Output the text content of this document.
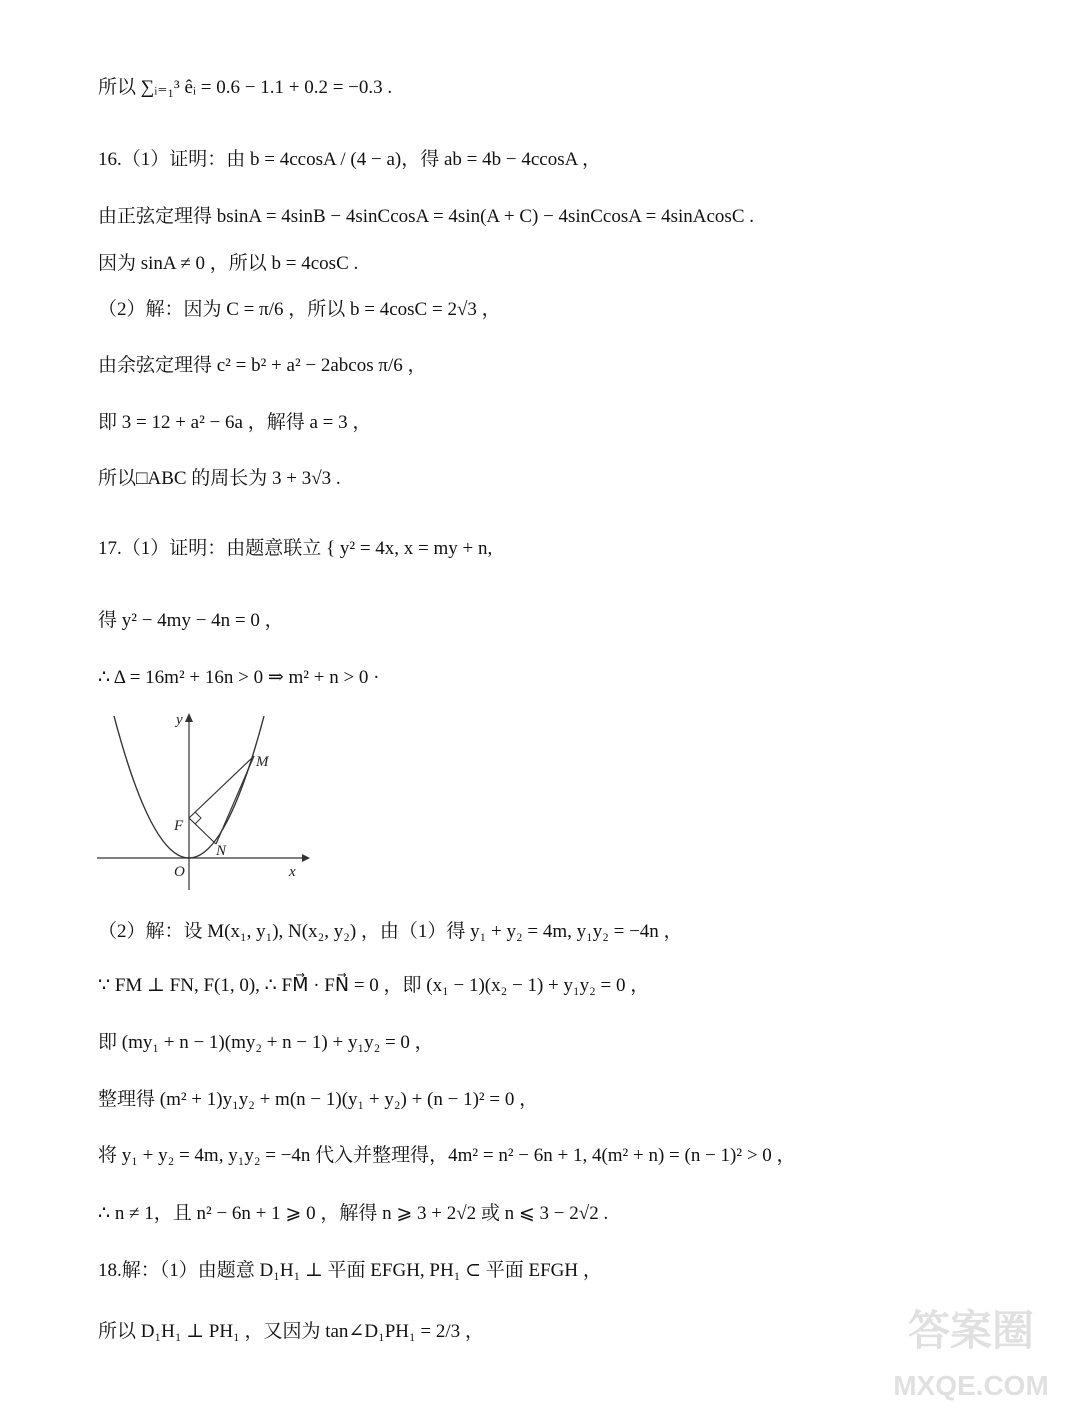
所以 ∑ᵢ₌₁³ êᵢ = 0.6 − 1.1 + 0.2 = −0.3 .
16.（1）证明：由 b = 4ccosA / (4 − a)，得 ab = 4b − 4ccosA ，
由正弦定理得 bsinA = 4sinB − 4sinCcosA = 4sin(A + C) − 4sinCcosA = 4sinAcosC .
因为 sinA ≠ 0 ，所以 b = 4cosC .
（2）解：因为 C = π/6 ，所以 b = 4cosC = 2√3 ，
由余弦定理得 c² = b² + a² − 2abcos π/6 ，
即 3 = 12 + a² − 6a ，解得 a = 3 ，
所以□ABC 的周长为 3 + 3√3 .
17.（1）证明：由题意联立 { y² = 4x, x = my + n,
得 y² − 4my − 4n = 0 ，
∴ Δ = 16m² + 16n > 0 ⇒ m² + n > 0 ·
（2）解：设 M(x₁, y₁), N(x₂, y₂) ，由（1）得 y₁ + y₂ = 4m, y₁y₂ = −4n ，
∵ FM ⊥ FN, F(1, 0), ∴ FM⃗ · FN⃗ = 0 ，即 (x₁ − 1)(x₂ − 1) + y₁y₂ = 0 ，
即 (my₁ + n − 1)(my₂ + n − 1) + y₁y₂ = 0 ，
整理得 (m² + 1)y₁y₂ + m(n − 1)(y₁ + y₂) + (n − 1)² = 0 ，
将 y₁ + y₂ = 4m, y₁y₂ = −4n 代入并整理得，4m² = n² − 6n + 1, 4(m² + n) = (n − 1)² > 0 ，
∴ n ≠ 1，且 n² − 6n + 1 ⩾ 0 ，解得 n ⩾ 3 + 2√2 或 n ⩽ 3 − 2√2 .
18.解：（1）由题意 D₁H₁ ⊥ 平面 EFGH, PH₁ ⊂ 平面 EFGH ，
所以 D₁H₁ ⊥ PH₁ ，又因为 tan∠D₁PH₁ = 2/3 ，
y
x
O
F
M
N
答案圈
MXQE.COM
